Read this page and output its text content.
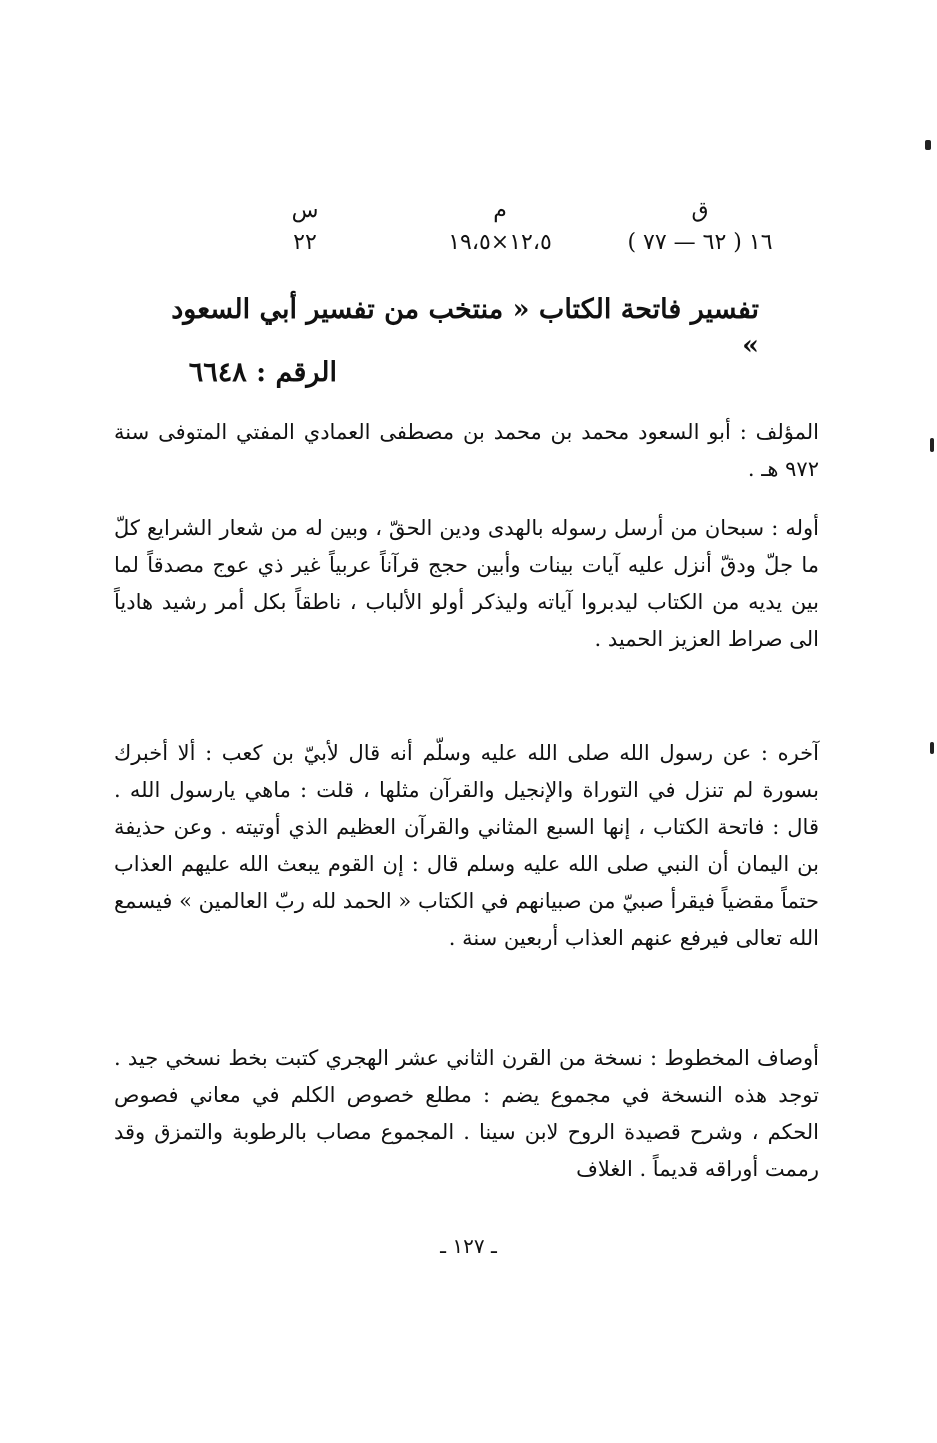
ق
١٦ ( ٦٢ — ٧٧ )
م
١٢،٥×١٩،٥
س
٢٢
تفسير فاتحة الكتاب « منتخب من تفسير أبي السعود »
الرقم : ٦٦٤٨
المؤلف : أبو السعود محمد بن محمد بن مصطفى العمادي المفتي المتوفى سنة ٩٧٢ هـ .
أوله : سبحان من أرسل رسوله بالهدى ودين الحقّ ، وبين له من شعار الشرايع كلّ ما جلّ ودقّ أنزل عليه آيات بينات وأبين حجج قرآناً عربياً غير ذي عوج مصدقاً لما بين يديه من الكتاب ليدبروا آياته وليذكر أولو الألباب ، ناطقاً بكل أمر رشيد هادياً الى صراط العزيز الحميد .
آخره : عن رسول الله صلى الله عليه وسلّم أنه قال لأبيّ بن كعب : ألا أخبرك بسورة لم تنزل في التوراة والإنجيل والقرآن مثلها ، قلت : ماهي يارسول الله . قال : فاتحة الكتاب ، إنها السبع المثاني والقرآن العظيم الذي أوتيته . وعن حذيفة بن اليمان أن النبي صلى الله عليه وسلم قال : إن القوم يبعث الله عليهم العذاب حتماً مقضياً فيقرأ صبيّ من صبيانهم في الكتاب « الحمد لله ربّ العالمين » فيسمع الله تعالى فيرفع عنهم العذاب أربعين سنة .
أوصاف المخطوط : نسخة من القرن الثاني عشر الهجري كتبت بخط نسخي جيد . توجد هذه النسخة في مجموع يضم : مطلع خصوص الكلم في معاني فصوص الحكم ، وشرح قصيدة الروح لابن سينا . المجموع مصاب بالرطوبة والتمزق وقد رممت أوراقه قديماً . الغلاف
ـ ١٢٧ ـ
